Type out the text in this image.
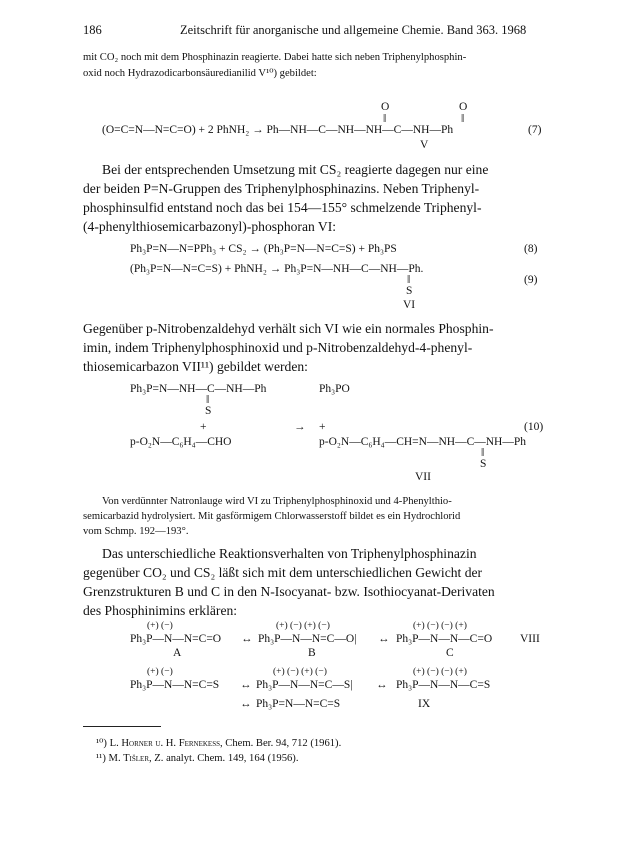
186	Zeitschrift für anorganische und allgemeine Chemie. Band 363. 1968
mit CO₂ noch mit dem Phosphinazin reagierte. Dabei hatte sich neben Triphenylphosphin-
oxid noch Hydrazodicarbonsäuredianilid V¹⁰) gebildet:
O	O
‖	‖
(O=C=N—N=C=O) + 2 PhNH₂ → Ph—NH—C—NH—NH—C—NH—Ph	(7)
V
Bei der entsprechenden Umsetzung mit CS₂ reagierte dagegen nur eine
der beiden P=N-Gruppen des Triphenylphosphinazins. Neben Triphenyl-
phosphinsulfid entstand noch das bei 154—155° schmelzende Triphenyl-
(4-phenylthiosemicarbazonyl)-phosphoran VI:
Ph₃P=N—N=PPh₃ + CS₂ → (Ph₃P=N—N=C=S) + Ph₃PS	(8)
(Ph₃P=N—N=C=S) + PhNH₂ → Ph₃P=N—NH—C—NH—Ph.
‖
S
(9)
VI
Gegenüber p-Nitrobenzaldehyd verhält sich VI wie ein normales Phosphin-
imin, indem Triphenylphosphinoxid und p-Nitrobenzaldehyd-4-phenyl-
thiosemicarbazon VII¹¹) gebildet werden:
Ph₃P=N—NH—C—NH—Ph
‖
S
+
p-O₂N—C₆H₄—CHO
→
Ph₃PO
+
p-O₂N—C₆H₄—CH=N—NH—C—NH—Ph
‖
S
(10)
VII
Von verdünnter Natronlauge wird VI zu Triphenylphosphinoxid und 4-Phenylthio-
semicarbazid hydrolysiert. Mit gasförmigem Chlorwasserstoff bildet es ein Hydrochlorid
vom Schmp. 192—193°.
Das unterschiedliche Reaktionsverhalten von Triphenylphosphinazin
gegenüber CO₂ und CS₂ läßt sich mit dem unterschiedlichen Gewicht der
Grenzstrukturen B und C in den N-Isocyanat- bzw. Isothiocyanat-Derivaten
des Phosphinimins erklären:
(+) (−)
Ph₃P—N—N=C=O
A
↔
(+) (−) (+) (−)
Ph₃P—N—N=C—O|
B
↔
(+) (−) (−) (+)
Ph₃P—N—N—C=O
C
VIII
(+) (−)
Ph₃P—N—N=C=S ↔
(+) (−) (+) (−)
Ph₃P—N—N=C—S| ↔
(+) (−) (−) (+)
Ph₃P—N—N—C=S
↔ Ph₃P=N—N=C=S	IX
¹⁰) L. Horner u. H. Fernekess, Chem. Ber. 94, 712 (1961).
¹¹) M. Tišler, Z. analyt. Chem. 149, 164 (1956).
